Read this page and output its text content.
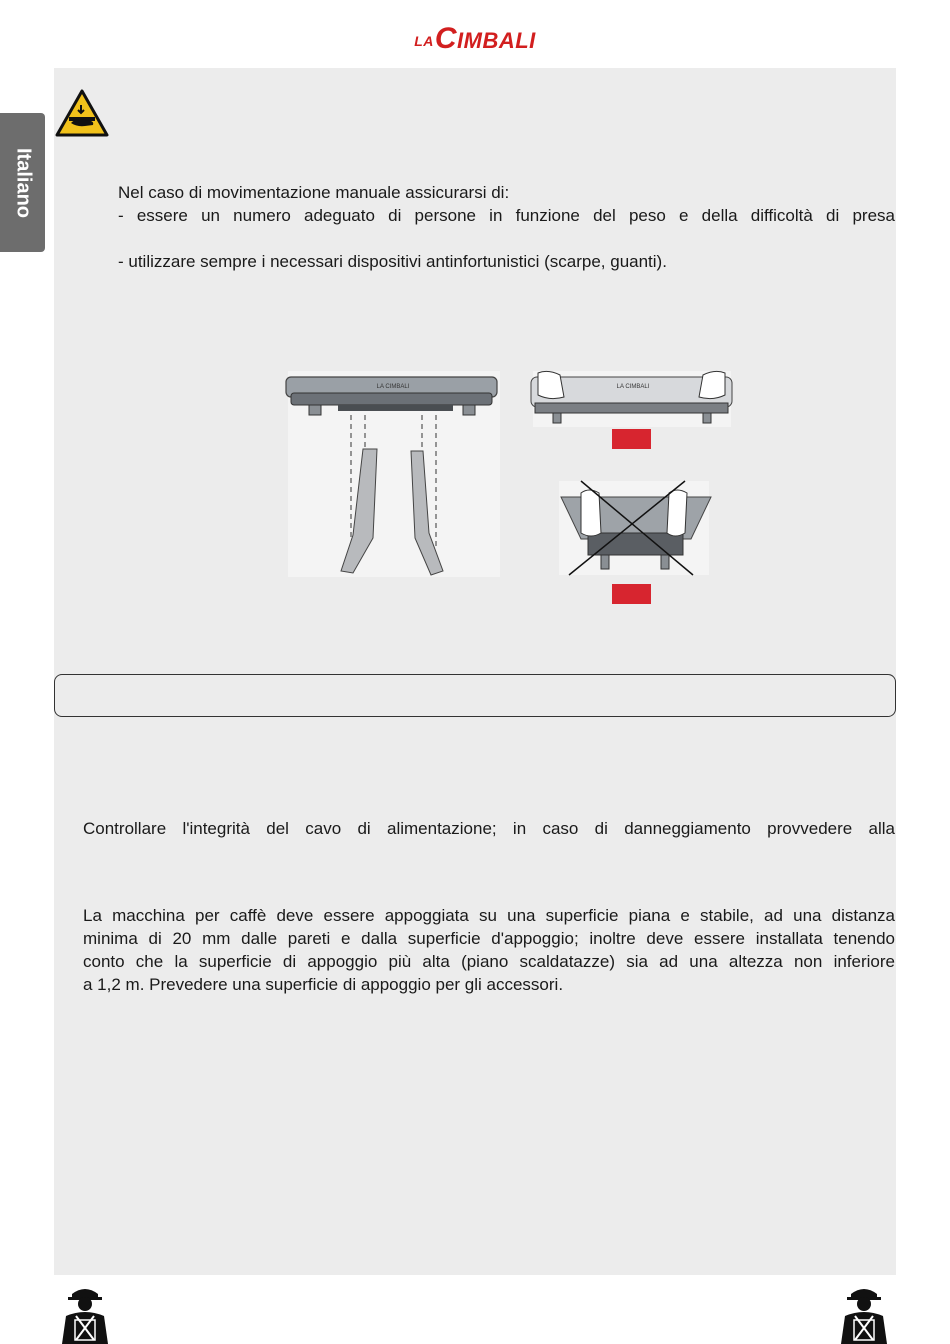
LACIMBALI
Italiano	Nel caso di movimentazione manuale assicurarsi di:

- essere un numero adeguato di persone in funzione del peso e della difficoltà di presa

- utilizzare sempre i necessari dispositivi antinfortunistici (scarpe, guanti).

LA CIMBALI	LA CIMBALI

Controllare l'integrità del cavo di alimentazione; in caso di danneggiamento provvedere alla

La macchina per caffè deve essere appoggiata su una superficie piana e stabile, ad una distanza

minima di 20 mm dalle pareti e dalla superficie d'appoggio; inoltre deve essere installata tenendo

conto che la superficie di appoggio più alta (piano scaldatazze) sia ad una altezza non inferiore

a 1,2 m. Prevedere una superficie di appoggio per gli accessori.
